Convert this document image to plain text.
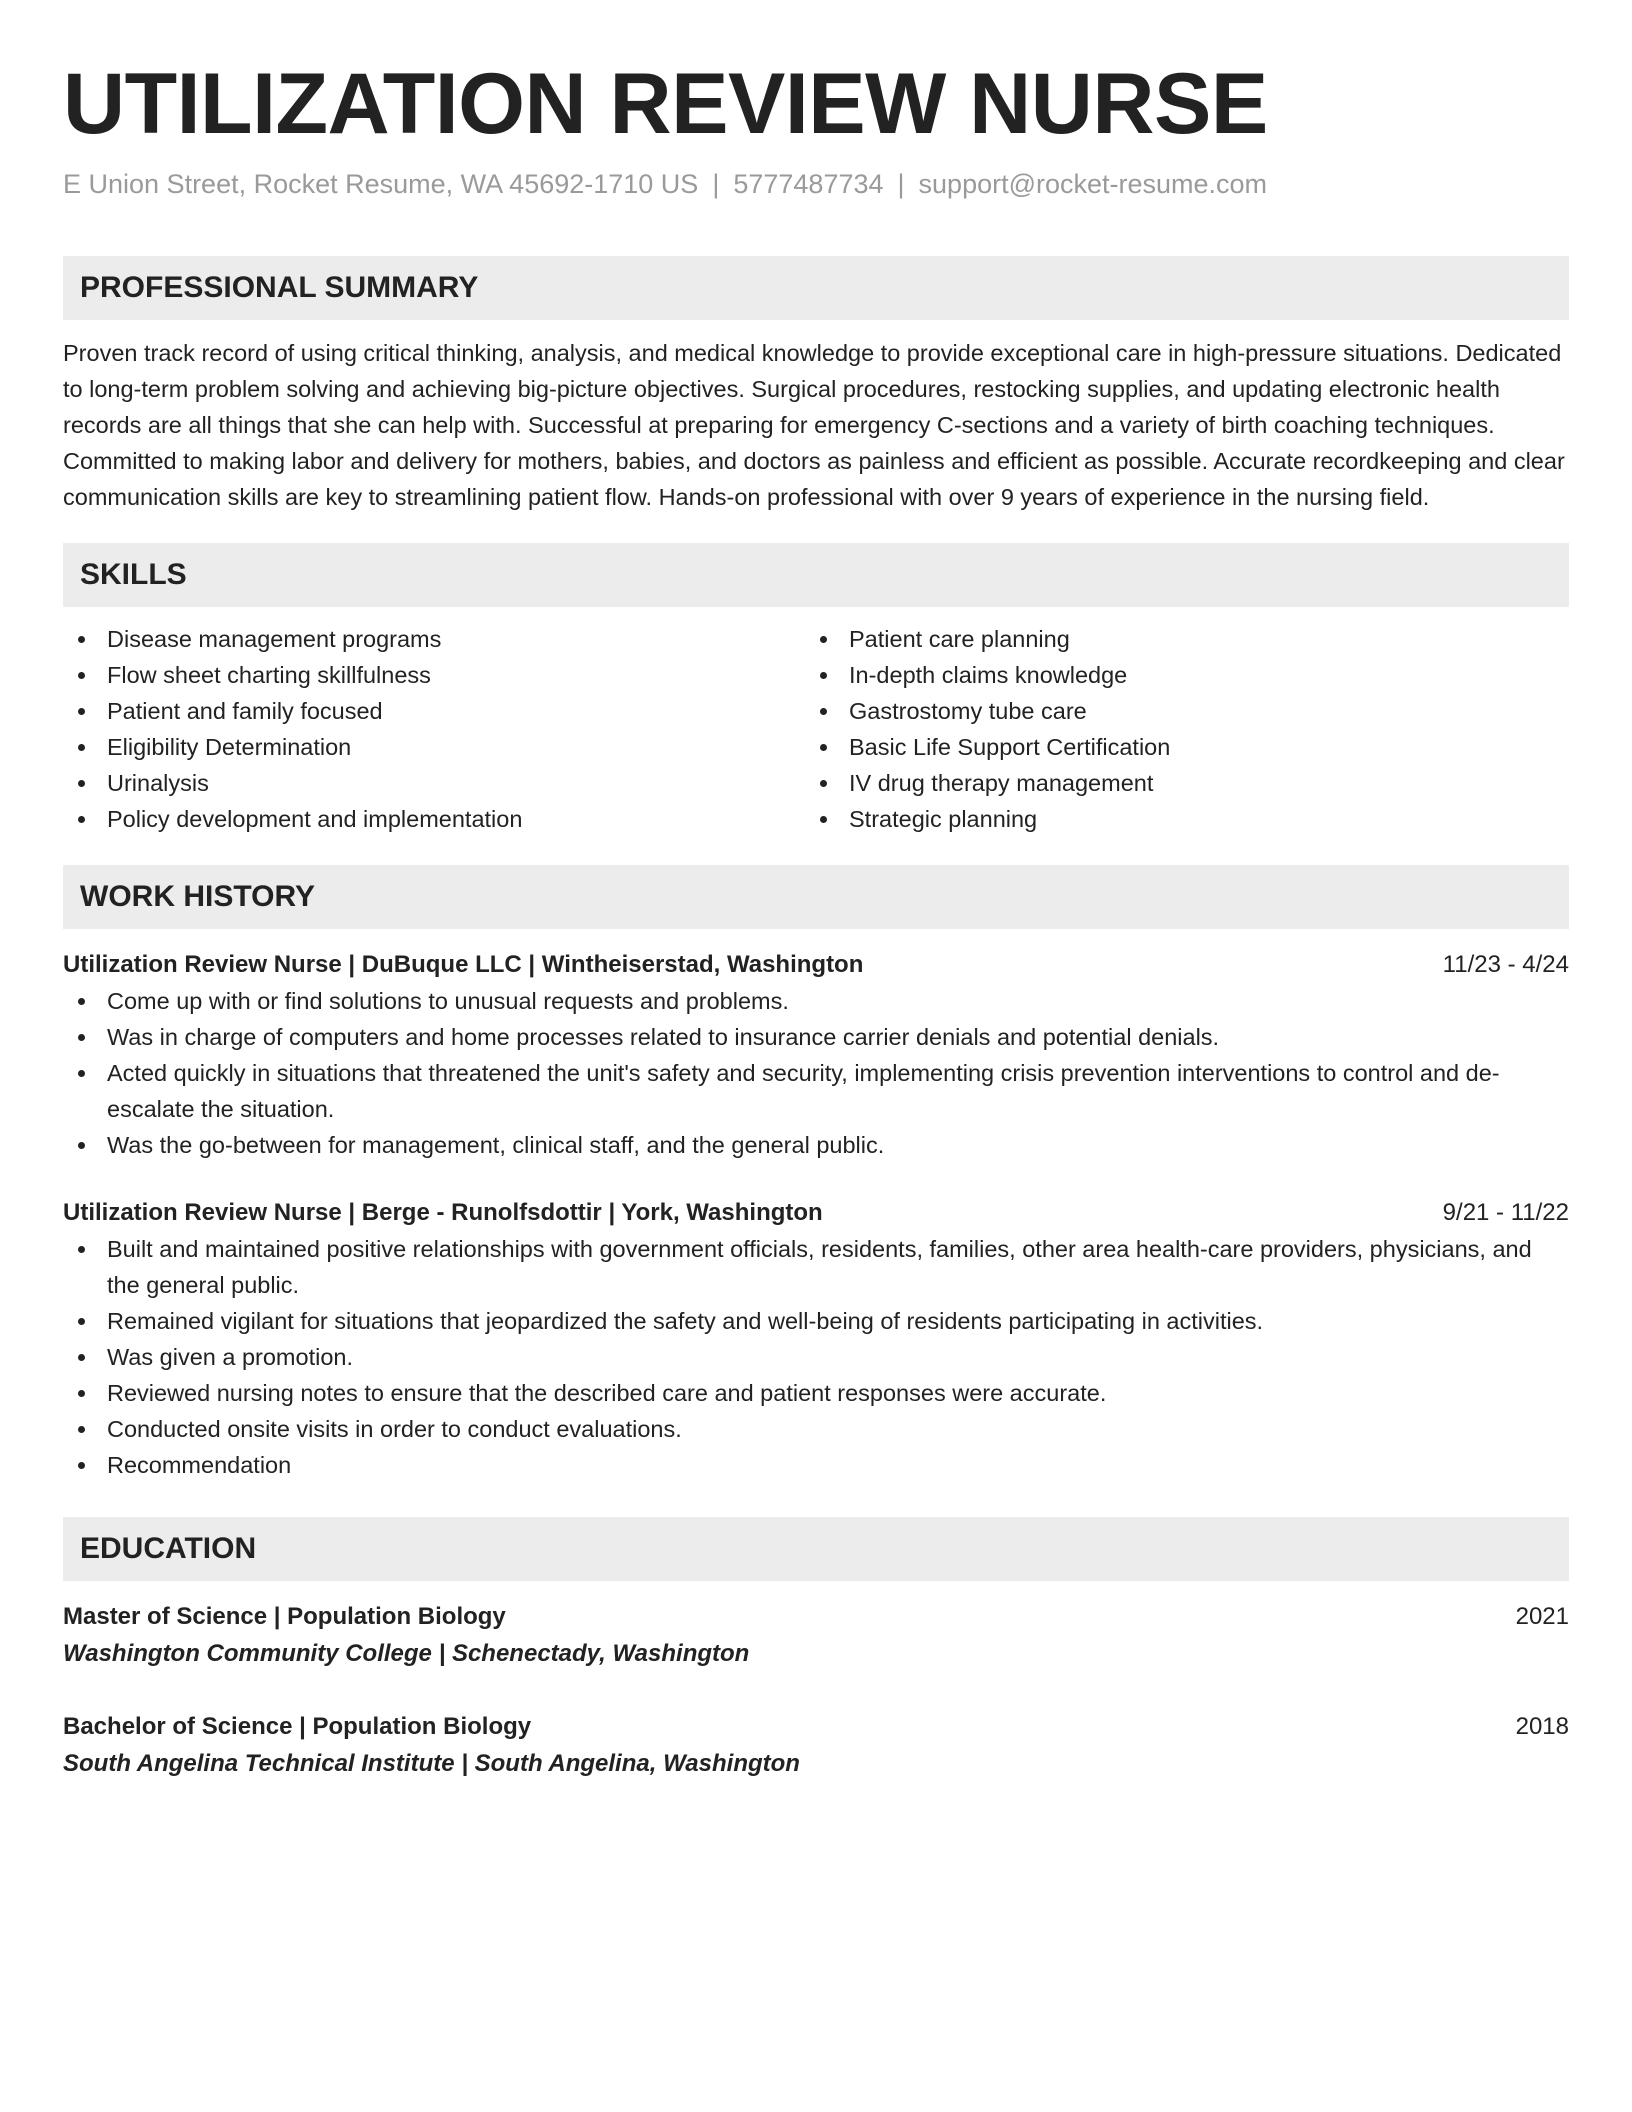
UTILIZATION REVIEW NURSE
E Union Street, Rocket Resume, WA 45692-1710 US | 5777487734 | support@rocket-resume.com
PROFESSIONAL SUMMARY
Proven track record of using critical thinking, analysis, and medical knowledge to provide exceptional care in high-pressure situations. Dedicated to long-term problem solving and achieving big-picture objectives. Surgical procedures, restocking supplies, and updating electronic health records are all things that she can help with. Successful at preparing for emergency C-sections and a variety of birth coaching techniques. Committed to making labor and delivery for mothers, babies, and doctors as painless and efficient as possible. Accurate recordkeeping and clear communication skills are key to streamlining patient flow. Hands-on professional with over 9 years of experience in the nursing field.
SKILLS
Disease management programs
Flow sheet charting skillfulness
Patient and family focused
Eligibility Determination
Urinalysis
Policy development and implementation
Patient care planning
In-depth claims knowledge
Gastrostomy tube care
Basic Life Support Certification
IV drug therapy management
Strategic planning
WORK HISTORY
Utilization Review Nurse | DuBuque LLC | Wintheiserstad, Washington	11/23 - 4/24
Come up with or find solutions to unusual requests and problems.
Was in charge of computers and home processes related to insurance carrier denials and potential denials.
Acted quickly in situations that threatened the unit's safety and security, implementing crisis prevention interventions to control and de-escalate the situation.
Was the go-between for management, clinical staff, and the general public.
Utilization Review Nurse | Berge - Runolfsdottir | York, Washington	9/21 - 11/22
Built and maintained positive relationships with government officials, residents, families, other area health-care providers, physicians, and the general public.
Remained vigilant for situations that jeopardized the safety and well-being of residents participating in activities.
Was given a promotion.
Reviewed nursing notes to ensure that the described care and patient responses were accurate.
Conducted onsite visits in order to conduct evaluations.
Recommendation
EDUCATION
Master of Science | Population Biology	2021
Washington Community College | Schenectady, Washington
Bachelor of Science | Population Biology	2018
South Angelina Technical Institute | South Angelina, Washington
